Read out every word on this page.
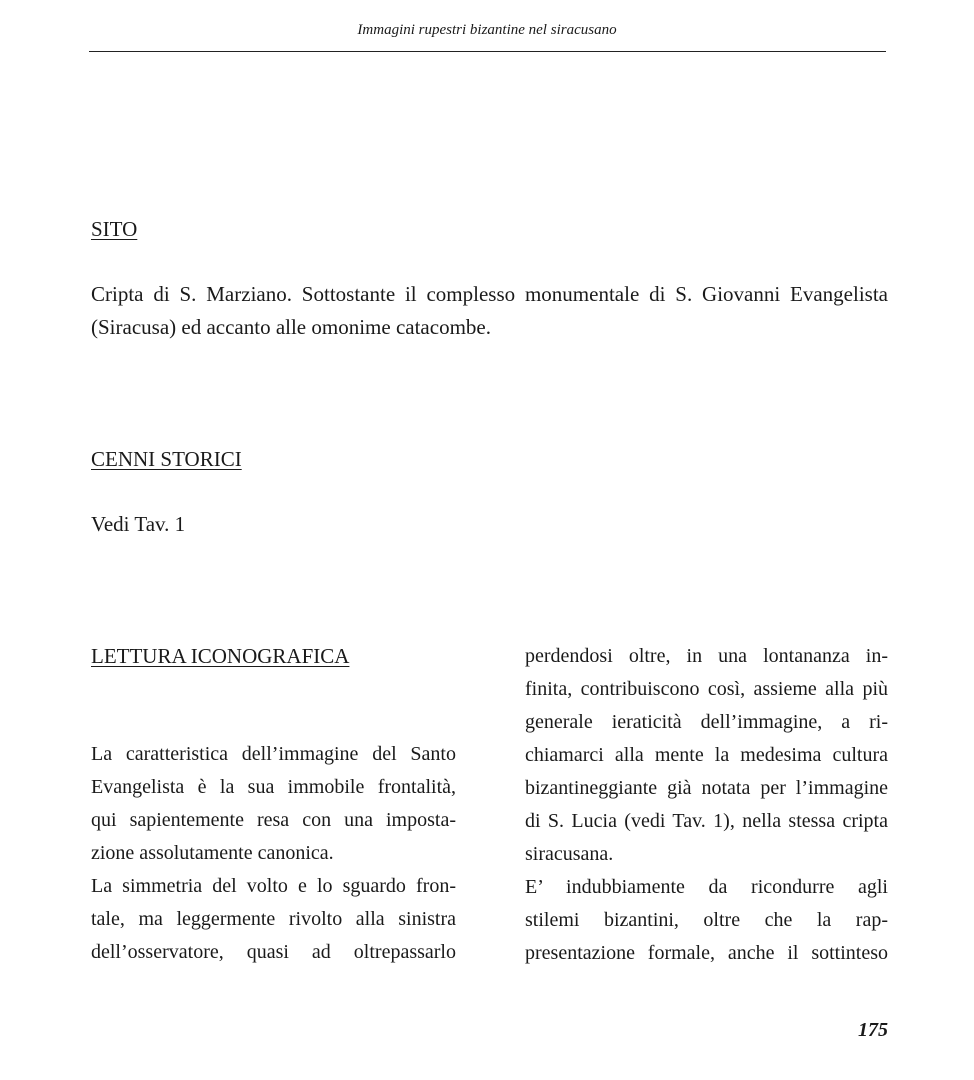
Immagini rupestri bizantine nel siracusano
SITO
Cripta di S. Marziano. Sottostante il complesso monumentale di S. Giovanni Evangelista
(Siracusa) ed accanto alle omonime catacombe.
CENNI STORICI
Vedi Tav. 1
LETTURA ICONOGRAFICA
La caratteristica dell’immagine del Santo
Evangelista è la sua immobile frontalità,
qui sapientemente resa con una imposta-
zione assolutamente canonica.
La simmetria del volto e lo sguardo fron-
tale, ma leggermente rivolto alla sinistra
dell’osservatore, quasi ad oltrepassarlo
perdendosi oltre, in una lontananza in-
finita, contribuiscono così, assieme alla più
generale ieraticità dell’immagine, a ri-
chiamarci alla mente la medesima cultura
bizantineggiante già notata per l’immagine
di S. Lucia (vedi Tav. 1), nella stessa cripta
siracusana.
E’ indubbiamente da ricondurre agli
stilemi bizantini, oltre che la rap-
presentazione formale, anche il sottinteso
175
